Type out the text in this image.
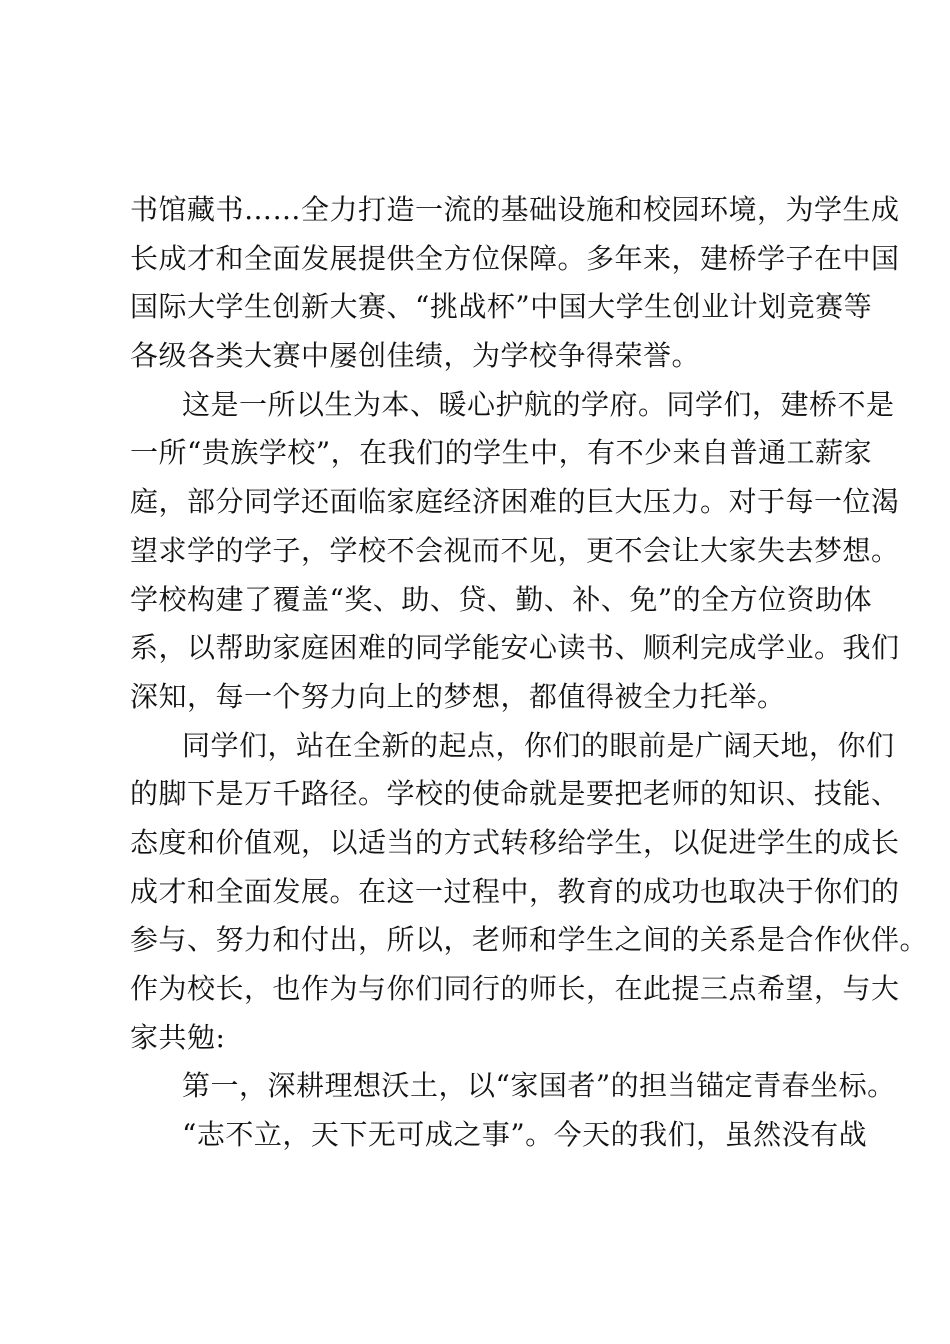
书馆藏书……全力打造一流的基础设施和校园环境，为学生成
长成才和全面发展提供全方位保障。多年来，建桥学子在中国
国际大学生创新大赛、“挑战杯”中国大学生创业计划竞赛等
各级各类大赛中屡创佳绩，为学校争得荣誉。
这是一所以生为本、暖心护航的学府。同学们，建桥不是
一所“贵族学校”，在我们的学生中，有不少来自普通工薪家
庭，部分同学还面临家庭经济困难的巨大压力。对于每一位渴
望求学的学子，学校不会视而不见，更不会让大家失去梦想。
学校构建了覆盖“奖、助、贷、勤、补、免”的全方位资助体
系，以帮助家庭困难的同学能安心读书、顺利完成学业。我们
深知，每一个努力向上的梦想，都值得被全力托举。
同学们，站在全新的起点，你们的眼前是广阔天地，你们
的脚下是万千路径。学校的使命就是要把老师的知识、技能、
态度和价值观，以适当的方式转移给学生，以促进学生的成长
成才和全面发展。在这一过程中，教育的成功也取决于你们的
参与、努力和付出，所以，老师和学生之间的关系是合作伙伴。
作为校长，也作为与你们同行的师长，在此提三点希望，与大
家共勉:
第一，深耕理想沃土，以“家国者”的担当锚定青春坐标。
“志不立，天下无可成之事”。今天的我们，虽然没有战
